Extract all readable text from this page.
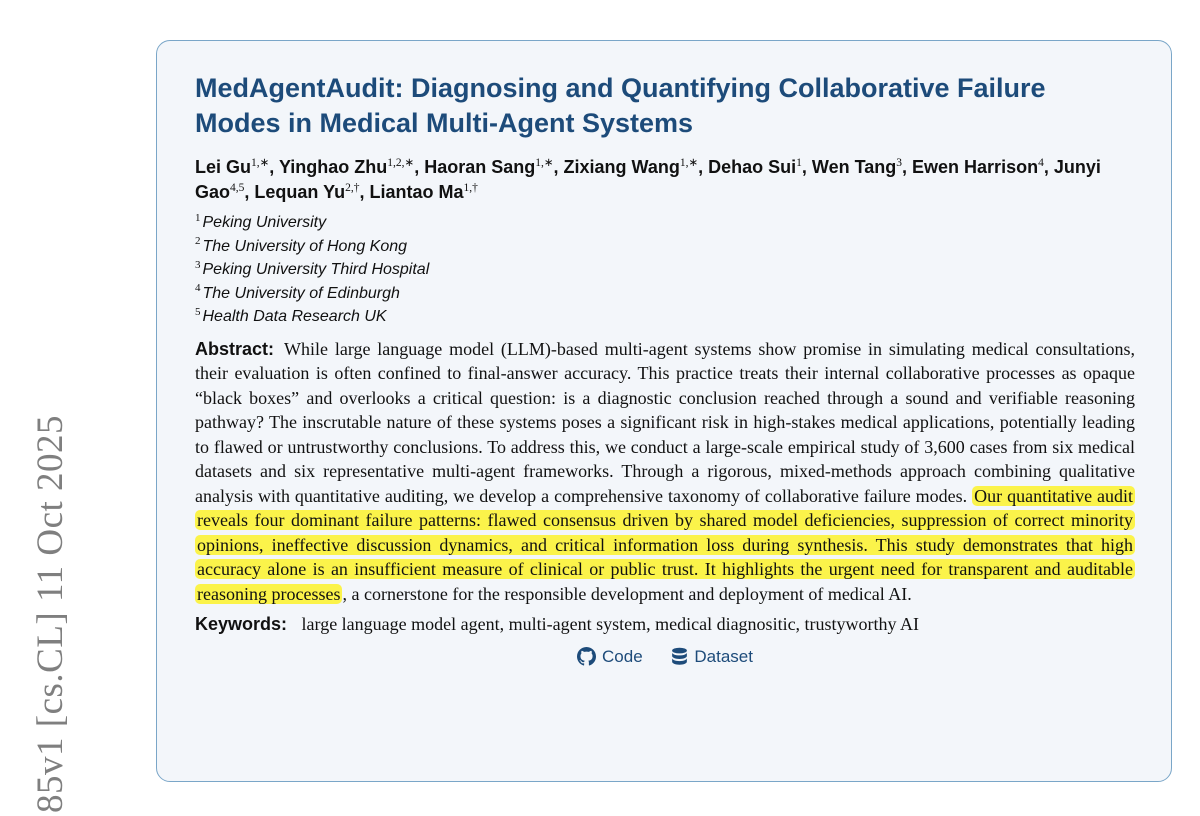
85v1 [cs.CL] 11 Oct 2025
MedAgentAudit: Diagnosing and Quantifying Collaborative Failure Modes in Medical Multi-Agent Systems
Lei $Gu^{1,∗}$, Yinghao Zhu$^{1,2,∗}$, Haoran Sang$^{1,∗}$, Zixiang Wang$^{1,∗}$, Dehao Sui$^1$, Wen Tang$^3$, Ewen Harrison$^4$, Junyi Gao$^{4,5}$, Lequan $Yu^{2,\dagger}$, Liantao $Ma^{1,\dagger}$
$^1$ Peking University
$^2$ The University of Hong Kong
$^3$ Peking University Third Hospital
$^4$ The University of Edinburgh
$^5$ Health Data Research UK
Abstract: While large language model (LLM)-based multi-agent systems show promise in simulating medical consultations, their evaluation is often confined to final-answer accuracy. This practice treats their internal collaborative processes as opaque “black boxes” and overlooks a critical question: is a diagnostic conclusion reached through a sound and verifiable reasoning pathway? The inscrutable nature of these systems poses a significant risk in high-stakes medical applications, potentially leading to flawed or untrustworthy conclusions. To address this, we conduct a large-scale empirical study of 3,600 cases from six medical datasets and six representative multi-agent frameworks. Through a rigorous, mixed-methods approach combining qualitative analysis with quantitative auditing, we develop a comprehensive taxonomy of collaborative failure modes. Our quantitative audit reveals four dominant failure patterns: flawed consensus driven by shared model deficiencies, suppression of correct minority opinions, ineffective discussion dynamics, and critical information loss during synthesis. This study demonstrates that high accuracy alone is an insufficient measure of clinical or public trust. It highlights the urgent need for transparent and auditable reasoning processes , a cornerstone for the responsible development and deployment of medical AI.
Keywords: large language model agent, multi-agent system, medical diagnositic, trustyworthy AI
Code
	Dataset
